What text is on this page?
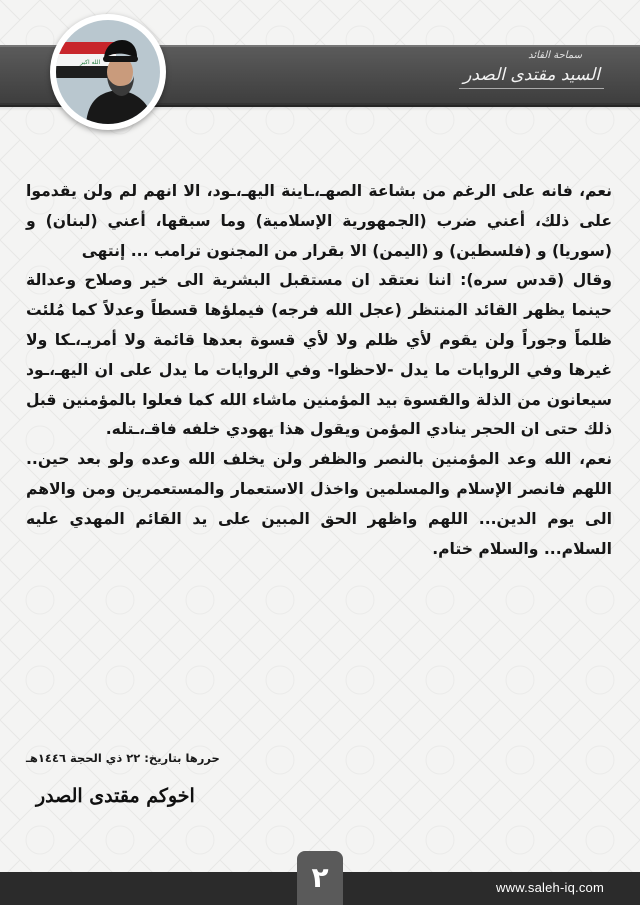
سماحة القائد
السيد مقتدى الصدر
الله اكبر

نعم، فانه على الرغم من بشاعة الصهـ،ـاينة اليهـ،ـود، الا انهم لم ولن يقدموا على ذلك، أعني ضرب (الجمهورية الإسلامية) وما سبقها، أعني (لبنان) و (سوريا) و (فلسطين) و (اليمن) الا بقرار من المجنون ترامب ... إنتهى

وقال (قدس سره): اننا نعتقد ان مستقبل البشرية الى خير وصلاح وعدالة حينما يظهر القائد المنتظر (عجل الله فرجه) فيملؤها قسطاً وعدلاً كما مُلئت ظلماً وجوراً ولن يقوم لأي ظلم ولا لأي قسوة بعدها قائمة ولا أمريـ،ـكا ولا غيرها وفي الروايات ما يدل -لاحظوا- وفي الروايات ما يدل على ان اليهـ،ـود سيعانون من الذلة والقسوة بيد المؤمنين ماشاء الله كما فعلوا بالمؤمنين قبل ذلك حتى ان الحجر ينادي المؤمن ويقول هذا يهودي خلفه فاقـ،ـتله.

نعم، الله وعد المؤمنين بالنصر والظفر ولن يخلف الله وعده ولو بعد حين.. اللهم فانصر الإسلام والمسلمين واخذل الاستعمار والمستعمرين ومن والاهم الى يوم الدين... اللهم واظهر الحق المبين على يد القائم المهدي عليه السلام... والسلام ختام.

حررها بتاريخ: ٢٢ ذي الحجة ١٤٤٦هـ
اخوكم مقتدى الصدر
٢	www.saleh-iq.com
